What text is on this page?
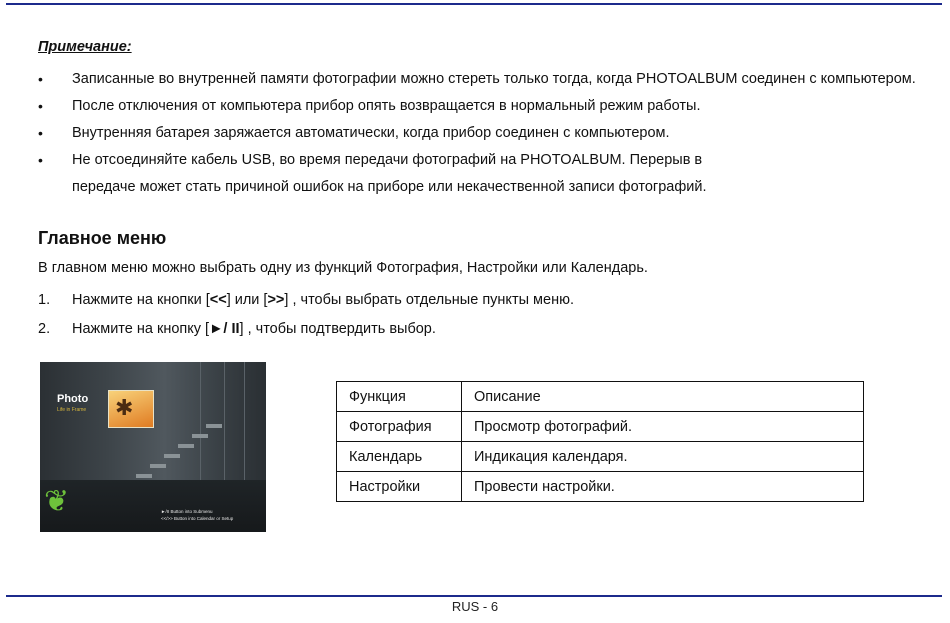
Примечание:
• Записанные во внутренней памяти фотографии можно стереть только тогда, когда PHOTOALBUM соединен с компьютером.
• После отключения от компьютера прибор опять возвращается в нормальный режим работы.
• Внутренняя батарея заряжается автоматически, когда прибор соединен с компьютером.
• Не отсоединяйте кабель USB, во время передачи фотографий на PHOTOALBUM. Перерыв в
передаче может стать причиной ошибок на приборе или некачественной записи фотографий.
Главное меню
В главном меню можно выбрать одну из функций Фотография, Настройки или Календарь.
1. Нажмите на кнопки [<<] или [>>] , чтобы выбрать отдельные пункты меню.
2. Нажмите на кнопку [►/ II] , чтобы подтвердить выбор.
Photo
Life in Frame ✱
❦	►/II Button into Submenu
<</>> Button into Calendar or Setup
Функция	Описание
Фотография	Просмотр фотографий.
Календарь	Индикация календаря.
Настройки	Провести настройки.
RUS - 6
